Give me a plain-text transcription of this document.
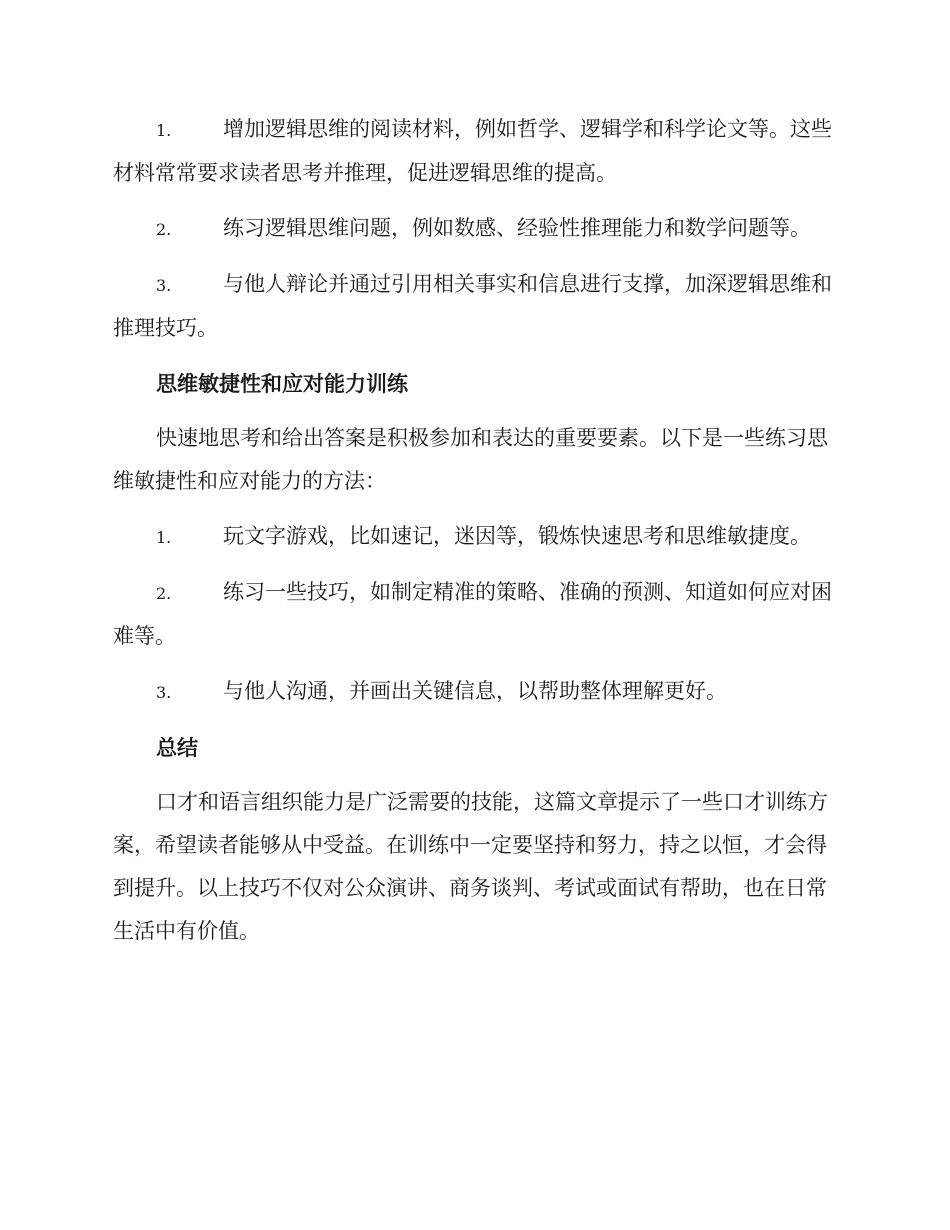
1. 增加逻辑思维的阅读材料，例如哲学、逻辑学和科学论文等。这些材料常常要求读者思考并推理，促进逻辑思维的提高。

2. 练习逻辑思维问题，例如数感、经验性推理能力和数学问题等。

3. 与他人辩论并通过引用相关事实和信息进行支撑，加深逻辑思维和推理技巧。

思维敏捷性和应对能力训练

快速地思考和给出答案是积极参加和表达的重要要素。以下是一些练习思维敏捷性和应对能力的方法：

1. 玩文字游戏，比如速记，迷因等，锻炼快速思考和思维敏捷度。

2. 练习一些技巧，如制定精准的策略、准确的预测、知道如何应对困难等。

3. 与他人沟通，并画出关键信息，以帮助整体理解更好。

总结

口才和语言组织能力是广泛需要的技能，这篇文章提示了一些口才训练方案，希望读者能够从中受益。在训练中一定要坚持和努力，持之以恒，才会得到提升。以上技巧不仅对公众演讲、商务谈判、考试或面试有帮助，也在日常生活中有价值。
